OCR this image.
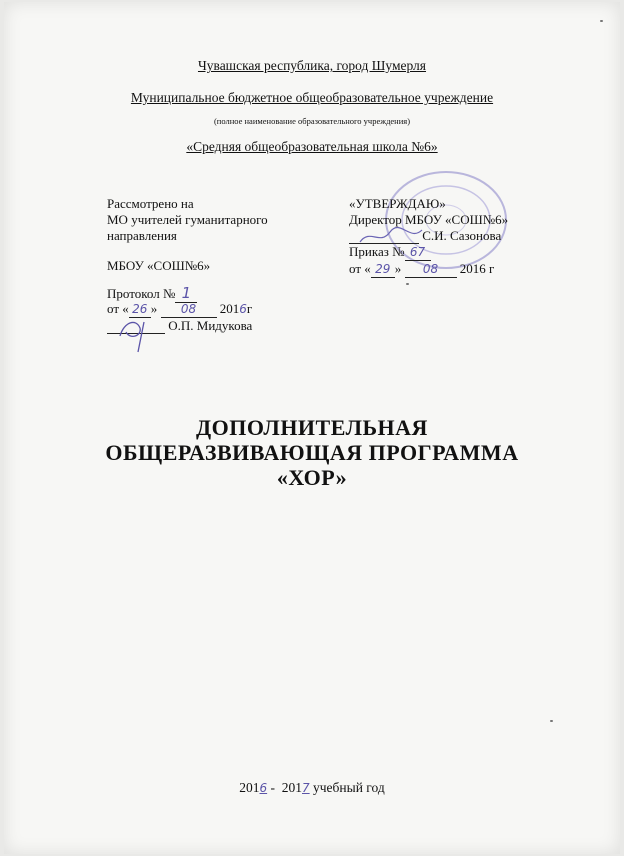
Чувашская республика, город Шумерля
Муниципальное бюджетное общеобразовательное учреждение
(полное наименование образовательного учреждения)
«Средняя общеобразовательная школа №6»
Рассмотрено на
МО учителей гуманитарного
направления
МБОУ «СОШ№6»
Протокол № 1
от « 26 » 08 2016г
О.П. Мидукова
«УТВЕРЖДАЮ»
Директор МБОУ «СОШ№6»
С.И. Сазонова
Приказ № 67
от « 29 » 08 2016 г
ДОПОЛНИТЕЛЬНАЯ
ОБЩЕРАЗВИВАЮЩАЯ ПРОГРАММА
«ХОР»
2016 -  2017 учебный год
